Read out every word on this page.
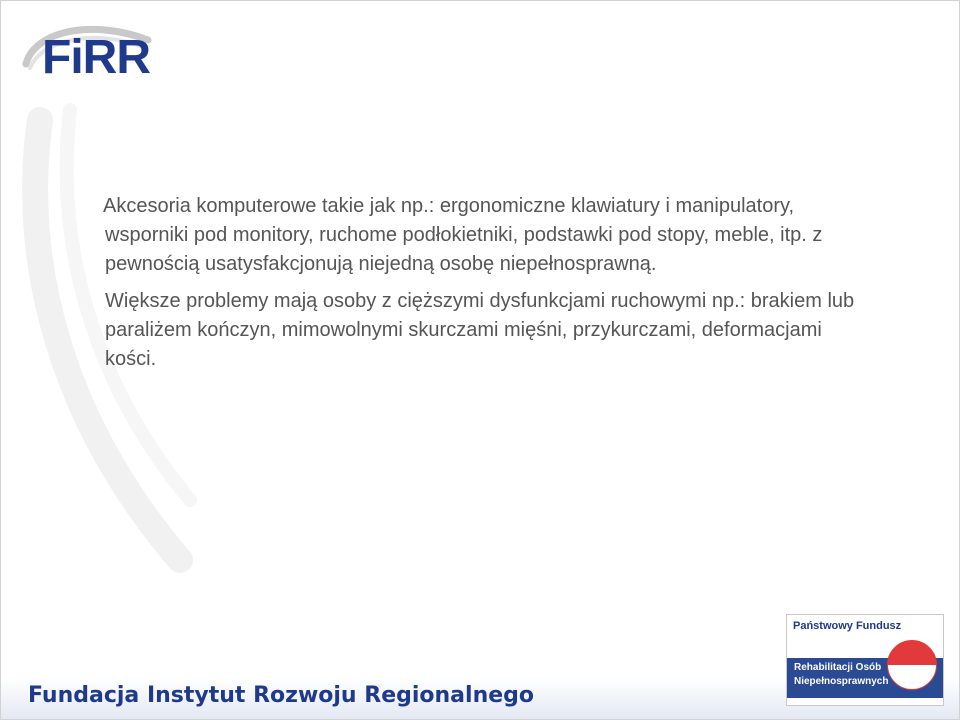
FiRR

Akcesoria komputerowe takie jak np.: ergonomiczne klawiatury i manipulatory, wsporniki pod monitory, ruchome podłokietniki, podstawki pod stopy, meble, itp. z pewnością usatysfakcjonują niejedną osobę niepełnosprawną.

Większe problemy mają osoby z cięższymi dysfunkcjami ruchowymi np.: brakiem lub paraliżem kończyn, mimowolnymi skurczami mięśni, przykurczami, deformacjami kości.

Fundacja Instytut Rozwoju Regionalnego
Państwowy Fundusz
Rehabilitacji Osób
Niepełnosprawnych
